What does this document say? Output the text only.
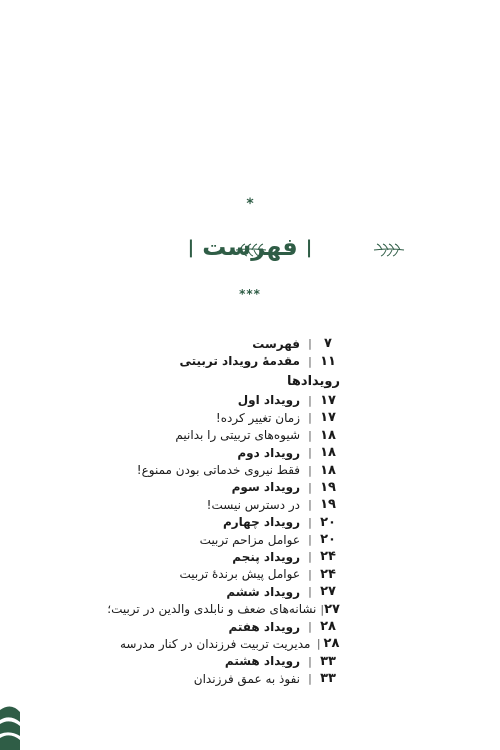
*
|
فهرست
|
***
۷
|
فهرست
۱۱
|
مقدمهٔ رویداد تربیتی
رویدادها
۱۷
|
رویداد اول
۱۷
|
زمان تغییر کرده!
۱۸
|
شیوه‌های تربیتی را بدانیم
۱۸
|
رویداد دوم
۱۸
|
فقط نیروی خدماتی بودن ممنوع!
۱۹
|
رویداد سوم
۱۹
|
در دسترس نیست!
۲۰
|
رویداد چهارم
۲۰
|
عوامل مزاحم تربیت
۲۴
|
رویداد پنجم
۲۴
|
عوامل پیش برندهٔ تربیت
۲۷
|
رویداد ششم
۲۷
|
نشانه‌های ضعف و نابلدی والدین در تربیت؛
۲۸
|
رویداد هفتم
۲۸
|
مدیریت تربیت فرزندان در کنار مدرسه
۳۳
|
رویداد هشتم
۳۳
|
نفوذ به عمق فرزندان
